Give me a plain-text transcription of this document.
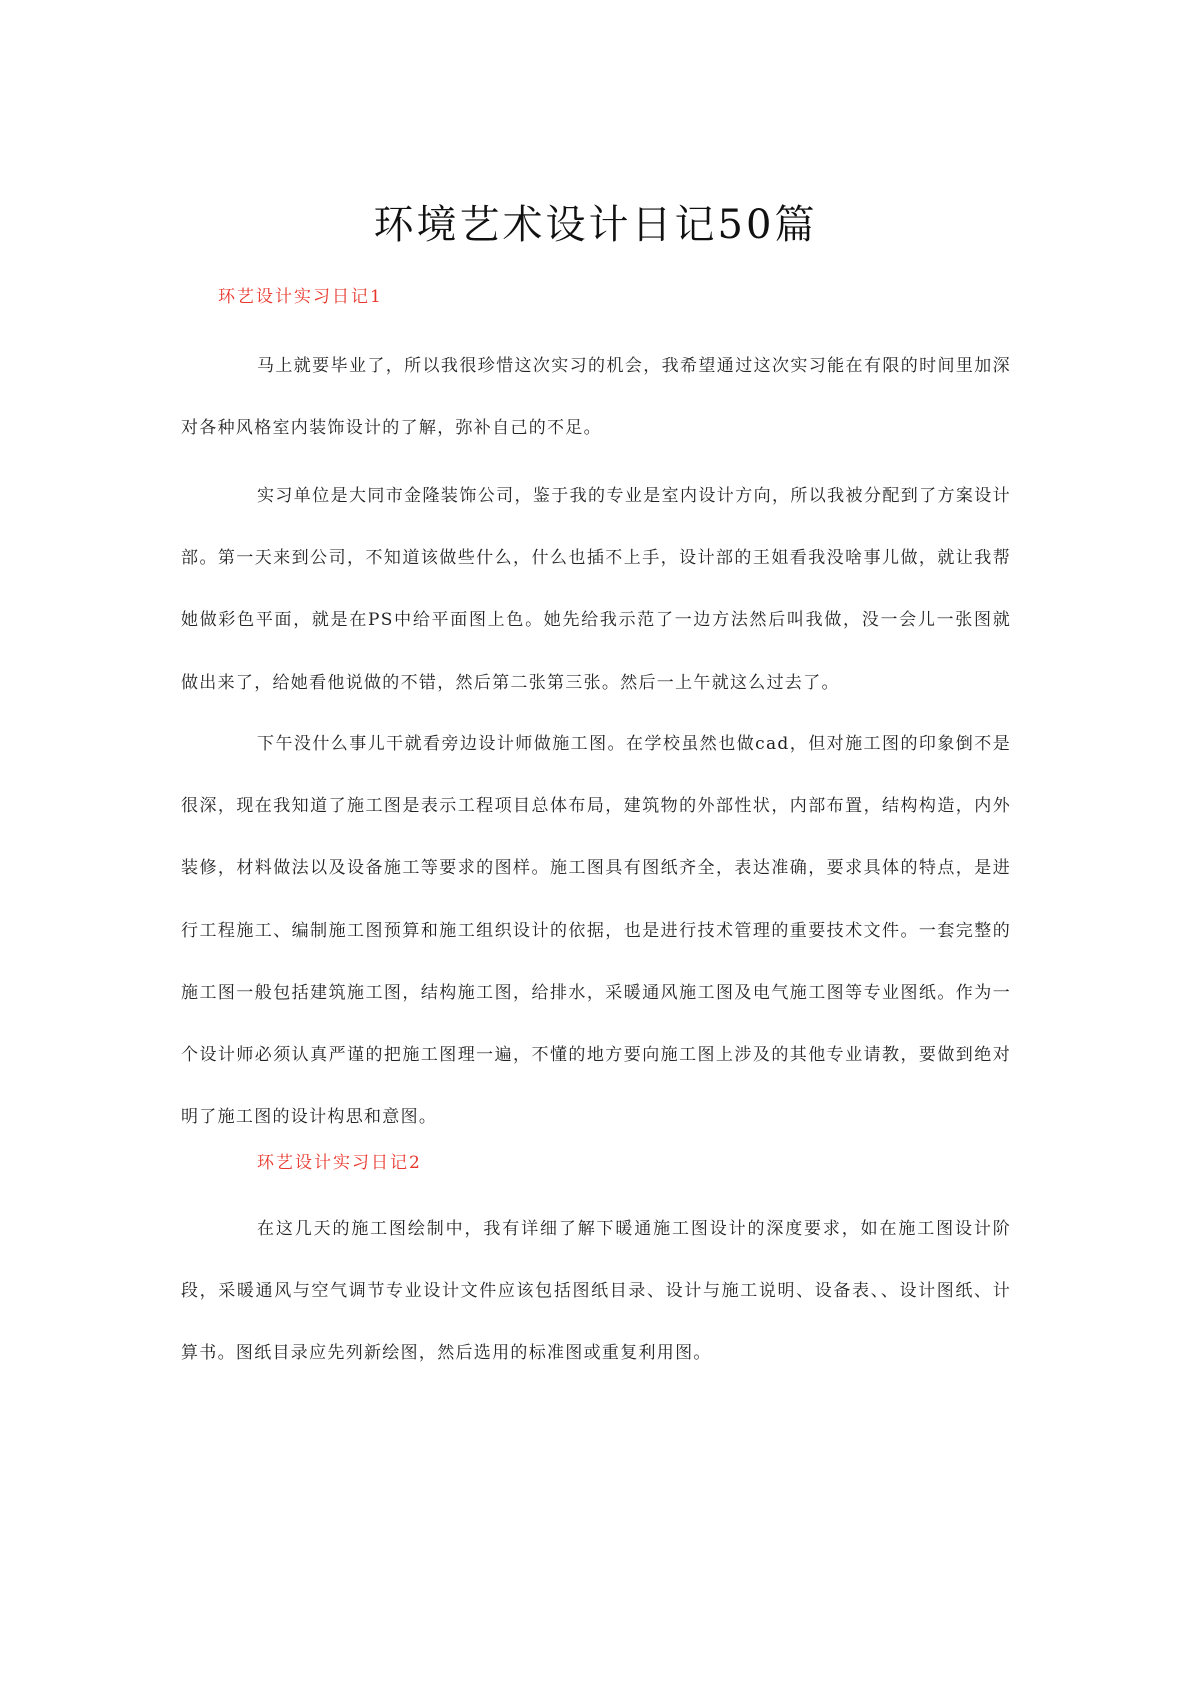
环境艺术设计日记50篇
环艺设计实习日记1

马上就要毕业了，所以我很珍惜这次实习的机会，我希望通过这次实习能在有限的时间里加深对各种风格室内装饰设计的了解，弥补自己的不足。

实习单位是大同市金隆装饰公司，鉴于我的专业是室内设计方向，所以我被分配到了方案设计部。第一天来到公司，不知道该做些什么，什么也插不上手，设计部的王姐看我没啥事儿做，就让我帮她做彩色平面，就是在PS中给平面图上色。她先给我示范了一边方法然后叫我做，没一会儿一张图就做出来了，给她看他说做的不错，然后第二张第三张。然后一上午就这么过去了。

下午没什么事儿干就看旁边设计师做施工图。在学校虽然也做cad，但对施工图的印象倒不是很深，现在我知道了施工图是表示工程项目总体布局，建筑物的外部性状，内部布置，结构构造，内外装修，材料做法以及设备施工等要求的图样。施工图具有图纸齐全，表达准确，要求具体的特点，是进行工程施工、编制施工图预算和施工组织设计的依据，也是进行技术管理的重要技术文件。一套完整的施工图一般包括建筑施工图，结构施工图，给排水，采暖通风施工图及电气施工图等专业图纸。作为一个设计师必须认真严谨的把施工图理一遍，不懂的地方要向施工图上涉及的其他专业请教，要做到绝对明了施工图的设计构思和意图。

环艺设计实习日记2

在这几天的施工图绘制中，我有详细了解下暖通施工图设计的深度要求，如在施工图设计阶段，采暖通风与空气调节专业设计文件应该包括图纸目录、设计与施工说明、设备表、、设计图纸、计算书。图纸目录应先列新绘图，然后选用的标准图或重复利用图。
